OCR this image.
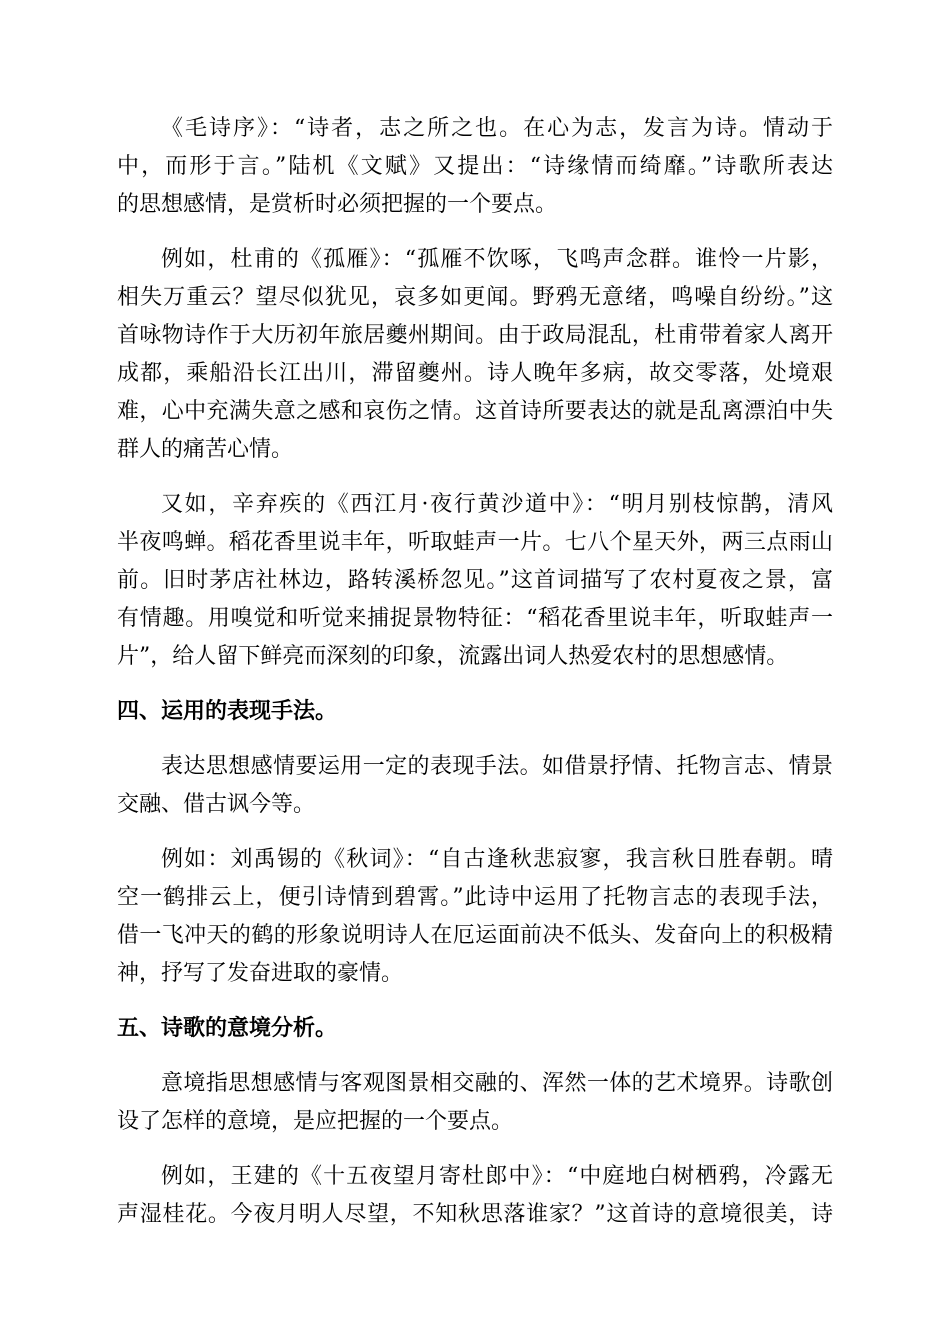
《毛诗序》：“诗者，志之所之也。在心为志，发言为诗。情动于
中，而形于言。”陆机《文赋》又提出：“诗缘情而绮靡。”诗歌所表达
的思想感情，是赏析时必须把握的一个要点。
例如，杜甫的《孤雁》：“孤雁不饮啄，飞鸣声念群。谁怜一片影，
相失万重云？望尽似犹见，哀多如更闻。野鸦无意绪，鸣噪自纷纷。”这
首咏物诗作于大历初年旅居夔州期间。由于政局混乱，杜甫带着家人离开
成都，乘船沿长江出川，滞留夔州。诗人晚年多病，故交零落，处境艰
难，心中充满失意之感和哀伤之情。这首诗所要表达的就是乱离漂泊中失
群人的痛苦心情。
又如，辛弃疾的《西江月·夜行黄沙道中》：“明月别枝惊鹊，清风
半夜鸣蝉。稻花香里说丰年，听取蛙声一片。七八个星天外，两三点雨山
前。旧时茅店社林边，路转溪桥忽见。”这首词描写了农村夏夜之景，富
有情趣。用嗅觉和听觉来捕捉景物特征：“稻花香里说丰年，听取蛙声一
片”，给人留下鲜亮而深刻的印象，流露出词人热爱农村的思想感情。
四、运用的表现手法。
表达思想感情要运用一定的表现手法。如借景抒情、托物言志、情景
交融、借古讽今等。
例如：刘禹锡的《秋词》：“自古逢秋悲寂寥，我言秋日胜春朝。晴
空一鹤排云上，便引诗情到碧霄。”此诗中运用了托物言志的表现手法，
借一飞冲天的鹤的形象说明诗人在厄运面前决不低头、发奋向上的积极精
神，抒写了发奋进取的豪情。
五、诗歌的意境分析。
意境指思想感情与客观图景相交融的、浑然一体的艺术境界。诗歌创
设了怎样的意境，是应把握的一个要点。
例如，王建的《十五夜望月寄杜郎中》：“中庭地白树栖鸦，冷露无
声湿桂花。今夜月明人尽望，不知秋思落谁家？”这首诗的意境很美，诗
